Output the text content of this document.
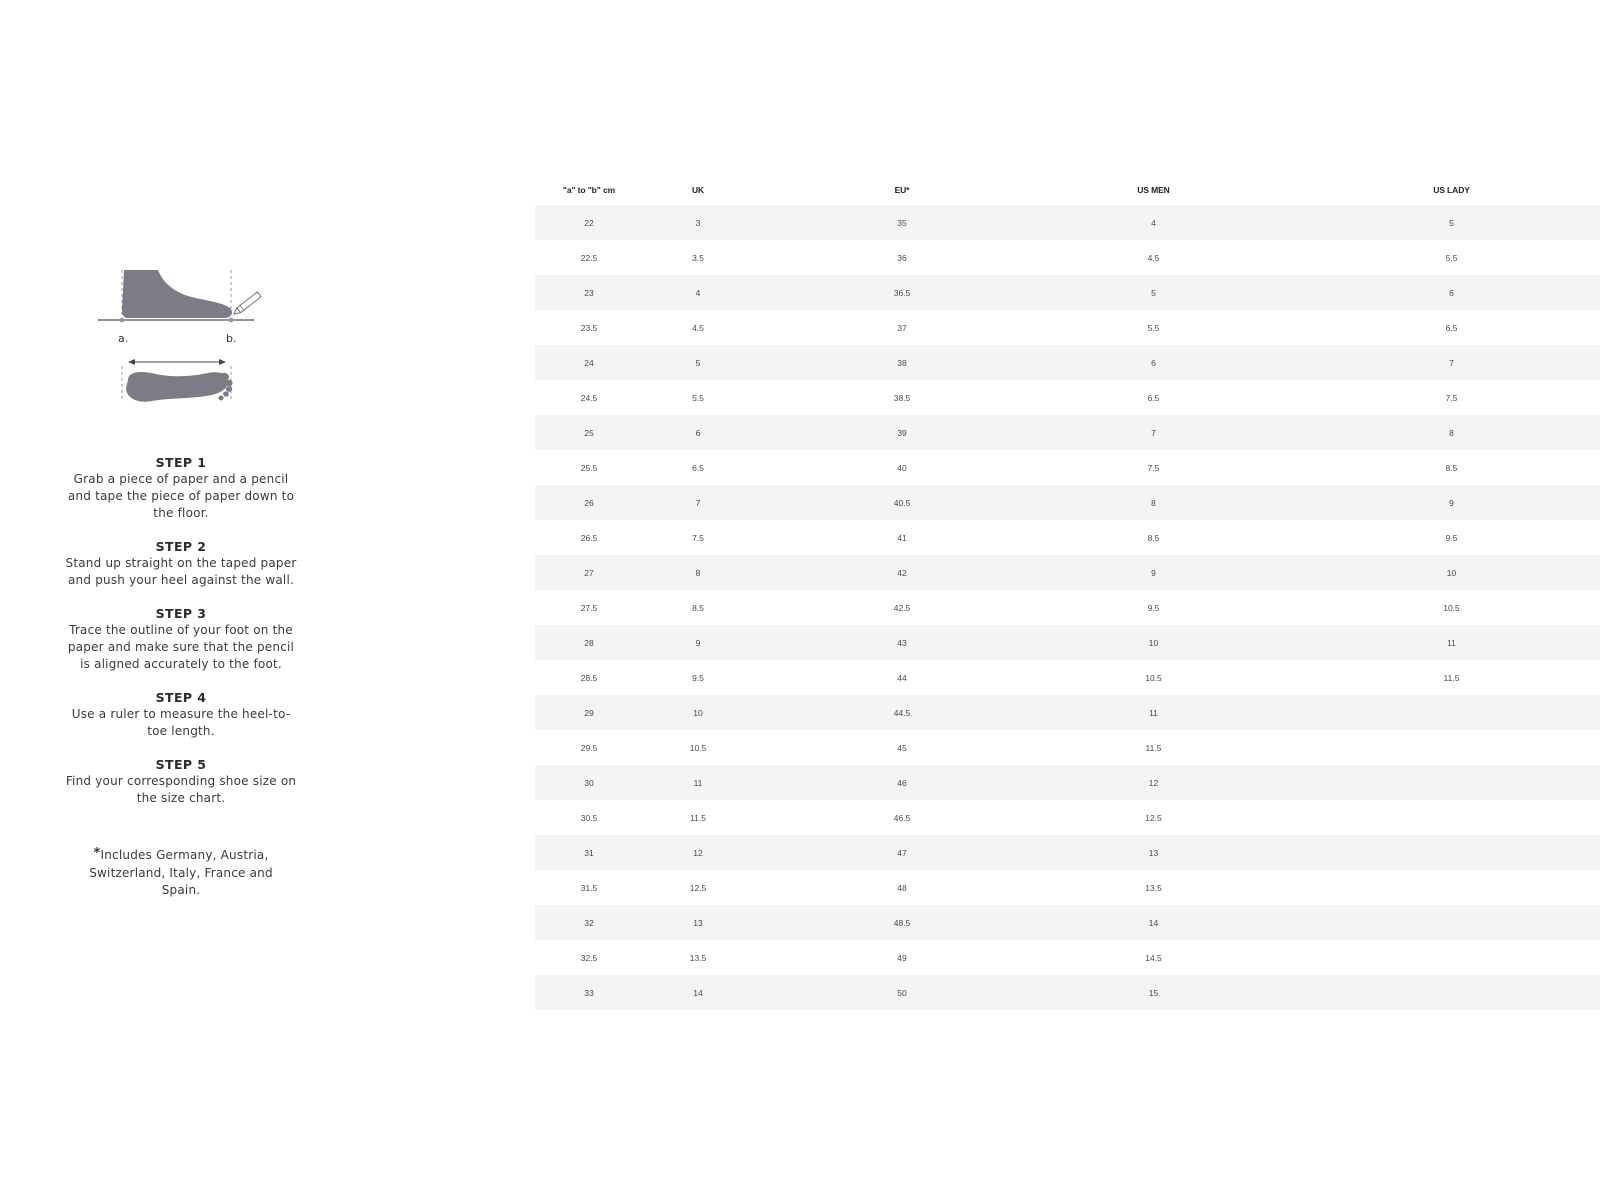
a.	b.
STEP 1
Grab a piece of paper and a pencil and tape the piece of paper down to the floor.
STEP 2
Stand up straight on the taped paper and push your heel against the wall.
STEP 3
Trace the outline of your foot on the paper and make sure that the pencil is aligned accurately to the foot.
STEP 4
Use a ruler to measure the heel-to-toe length.
STEP 5
Find your corresponding shoe size on the size chart.
*Includes Germany, Austria, Switzerland, Italy, France and Spain.
"a" to "b" cm	UK	EU*	US MEN	US LADY
22	3	35	4	5
22.5	3.5	36	4.5	5.5
23	4	36.5	5	6
23.5	4.5	37	5.5	6.5
24	5	38	6	7
24.5	5.5	38.5	6.5	7.5
25	6	39	7	8
25.5	6.5	40	7.5	8.5
26	7	40.5	8	9
26.5	7.5	41	8.5	9.5
27	8	42	9	10
27.5	8.5	42.5	9.5	10.5
28	9	43	10	11
28.5	9.5	44	10.5	11.5
29	10	44.5	11	
29.5	10.5	45	11.5	
30	11	46	12	
30.5	11.5	46.5	12.5	
31	12	47	13	
31.5	12.5	48	13.5	
32	13	48.5	14	
32.5	13.5	49	14.5	
33	14	50	15	
